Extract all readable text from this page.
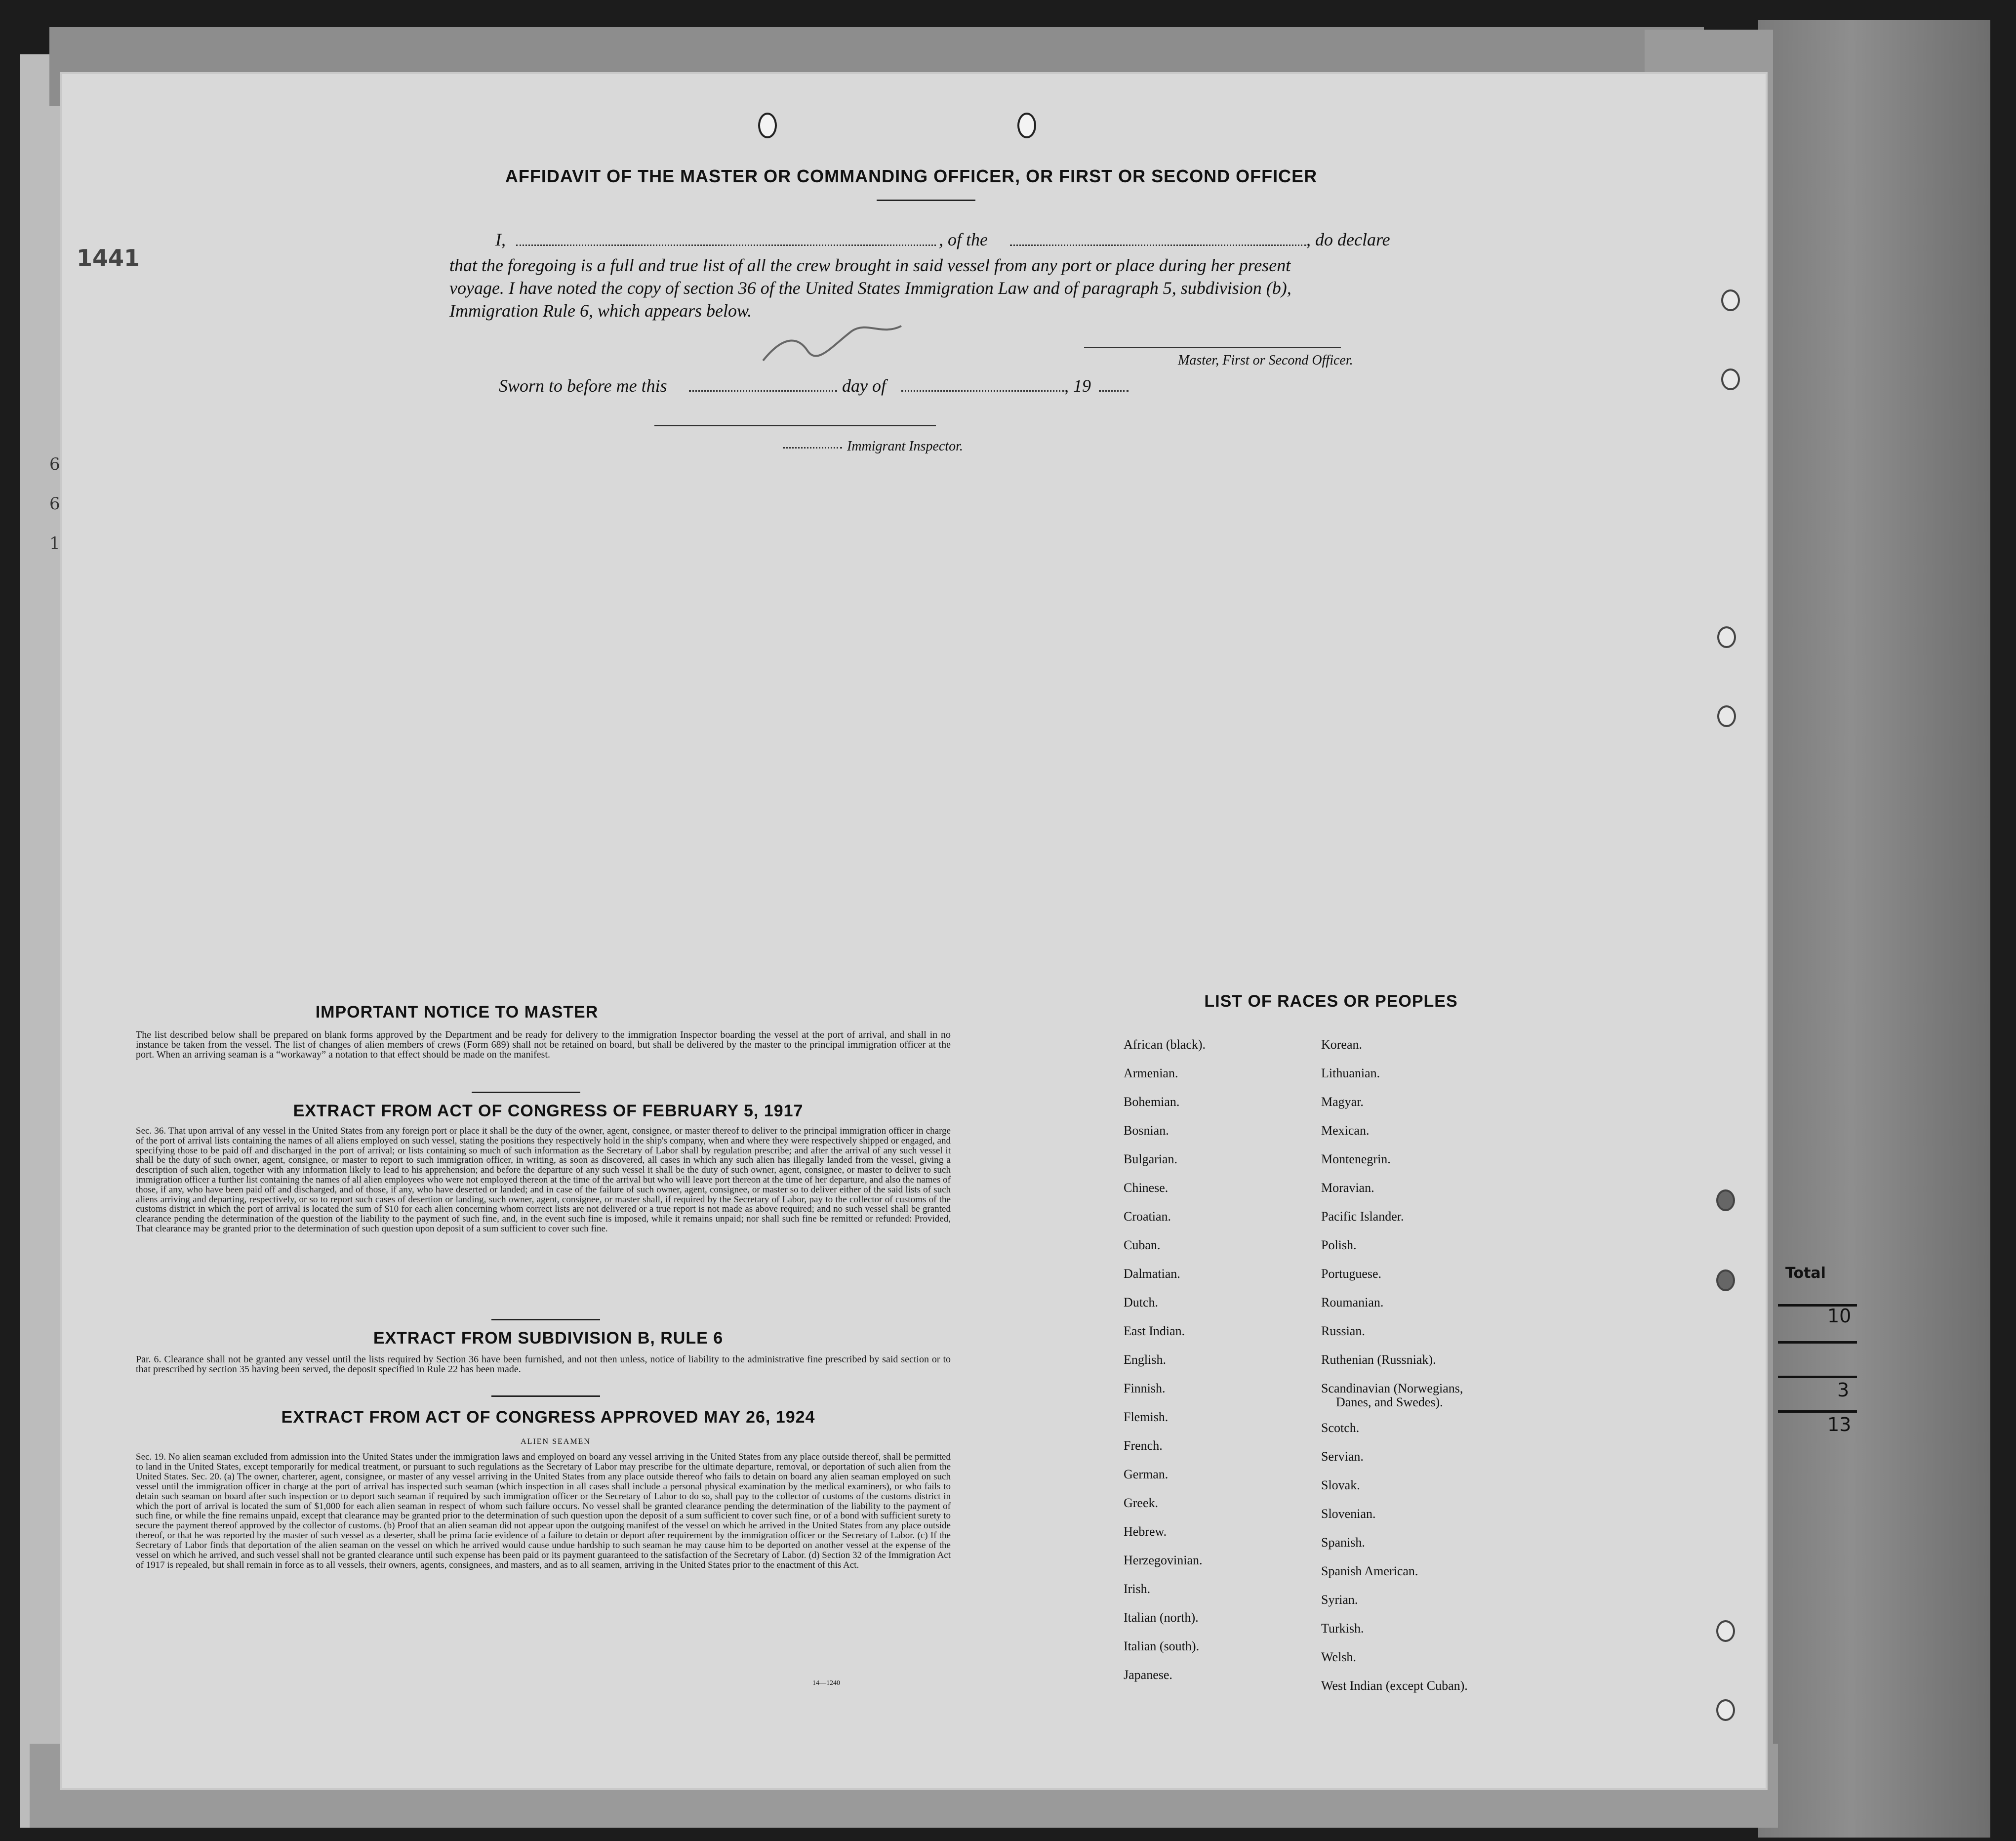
6
6
1
1441
AFFIDAVIT OF THE MASTER OR COMMANDING OFFICER, OR FIRST OR SECOND OFFICER
I,	, of the	, do declare
that the foregoing is a full and true list of all the crew brought in said vessel from any port or place during her present
voyage. I have noted the copy of section 36 of the United States Immigration Law and of paragraph 5, subdivision (b),
Immigration Rule 6, which appears below.
Master, First or Second Officer.
Sworn to before me this	day of	, 19
Immigrant Inspector.
IMPORTANT NOTICE TO MASTER
The list described below shall be prepared on blank forms approved by the Department and be ready for delivery to the immigration Inspector boarding the vessel at the port of arrival, and shall in no instance be taken from the vessel. The list of changes of alien members of crews (Form 689) shall not be retained on board, but shall be delivered by the master to the principal immigration officer at the port. When an arriving seaman is a “workaway” a notation to that effect should be made on the manifest.
EXTRACT FROM ACT OF CONGRESS OF FEBRUARY 5, 1917
Sec. 36. That upon arrival of any vessel in the United States from any foreign port or place it shall be the duty of the owner, agent, consignee, or master thereof to deliver to the principal immigration officer in charge of the port of arrival lists containing the names of all aliens employed on such vessel, stating the positions they respectively hold in the ship's company, when and where they were respectively shipped or engaged, and specifying those to be paid off and discharged in the port of arrival; or lists containing so much of such information as the Secretary of Labor shall by regulation prescribe; and after the arrival of any such vessel it shall be the duty of such owner, agent, consignee, or master to report to such immigration officer, in writing, as soon as discovered, all cases in which any such alien has illegally landed from the vessel, giving a description of such alien, together with any information likely to lead to his apprehension; and before the departure of any such vessel it shall be the duty of such owner, agent, consignee, or master to deliver to such immigration officer a further list containing the names of all alien employees who were not employed thereon at the time of the arrival but who will leave port thereon at the time of her departure, and also the names of those, if any, who have been paid off and discharged, and of those, if any, who have deserted or landed; and in case of the failure of such owner, agent, consignee, or master so to deliver either of the said lists of such aliens arriving and departing, respectively, or so to report such cases of desertion or landing, such owner, agent, consignee, or master shall, if required by the Secretary of Labor, pay to the collector of customs of the customs district in which the port of arrival is located the sum of $10 for each alien concerning whom correct lists are not delivered or a true report is not made as above required; and no such vessel shall be granted clearance pending the determination of the question of the liability to the payment of such fine, and, in the event such fine is imposed, while it remains unpaid; nor shall such fine be remitted or refunded: Provided, That clearance may be granted prior to the determination of such question upon deposit of a sum sufficient to cover such fine.
EXTRACT FROM SUBDIVISION B, RULE 6
Par. 6. Clearance shall not be granted any vessel until the lists required by Section 36 have been furnished, and not then unless, notice of liability to the administrative fine prescribed by said section or to that prescribed by section 35 having been served, the deposit specified in Rule 22 has been made.
EXTRACT FROM ACT OF CONGRESS APPROVED MAY 26, 1924
ALIEN SEAMEN
Sec. 19. No alien seaman excluded from admission into the United States under the immigration laws and employed on board any vessel arriving in the United States from any place outside thereof, shall be permitted to land in the United States, except temporarily for medical treatment, or pursuant to such regulations as the Secretary of Labor may prescribe for the ultimate departure, removal, or deportation of such alien from the United States. Sec. 20. (a) The owner, charterer, agent, consignee, or master of any vessel arriving in the United States from any place outside thereof who fails to detain on board any alien seaman employed on such vessel until the immigration officer in charge at the port of arrival has inspected such seaman (which inspection in all cases shall include a personal physical examination by the medical examiners), or who fails to detain such seaman on board after such inspection or to deport such seaman if required by such immigration officer or the Secretary of Labor to do so, shall pay to the collector of customs of the customs district in which the port of arrival is located the sum of $1,000 for each alien seaman in respect of whom such failure occurs. No vessel shall be granted clearance pending the determination of the liability to the payment of such fine, or while the fine remains unpaid, except that clearance may be granted prior to the determination of such question upon the deposit of a sum sufficient to cover such fine, or of a bond with sufficient surety to secure the payment thereof approved by the collector of customs. (b) Proof that an alien seaman did not appear upon the outgoing manifest of the vessel on which he arrived in the United States from any place outside thereof, or that he was reported by the master of such vessel as a deserter, shall be prima facie evidence of a failure to detain or deport after requirement by the immigration officer or the Secretary of Labor. (c) If the Secretary of Labor finds that deportation of the alien seaman on the vessel on which he arrived would cause undue hardship to such seaman he may cause him to be deported on another vessel at the expense of the vessel on which he arrived, and such vessel shall not be granted clearance until such expense has been paid or its payment guaranteed to the satisfaction of the Secretary of Labor. (d) Section 32 of the Immigration Act of 1917 is repealed, but shall remain in force as to all vessels, their owners, agents, consignees, and masters, and as to all seamen, arriving in the United States prior to the enactment of this Act.
14—1240
LIST OF RACES OR PEOPLES
African (black).
Armenian.
Bohemian.
Bosnian.
Bulgarian.
Chinese.
Croatian.
Cuban.
Dalmatian.
Dutch.
East Indian.
English.
Finnish.
Flemish.
French.
German.
Greek.
Hebrew.
Herzegovinian.
Irish.
Italian (north).
Italian (south).
Japanese.
Korean.
Lithuanian.
Magyar.
Mexican.
Montenegrin.
Moravian.
Pacific Islander.
Polish.
Portuguese.
Roumanian.
Russian.
Ruthenian (Russniak).
Scandinavian (Norwegians,
Danes, and Swedes).
Scotch.
Servian.
Slovak.
Slovenian.
Spanish.
Spanish American.
Syrian.
Turkish.
Welsh.
West Indian (except Cuban).
Total
10
3
13
